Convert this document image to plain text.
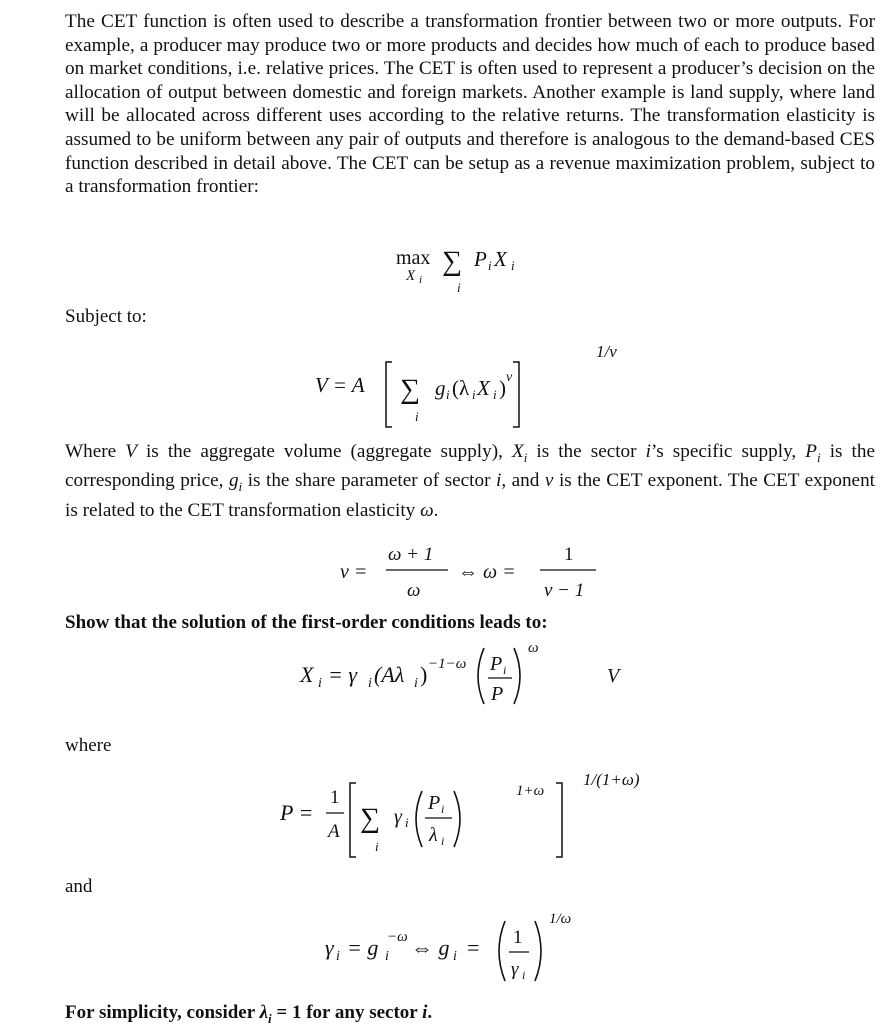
The CET function is often used to describe a transformation frontier between two or more outputs. For example, a producer may produce two or more products and decides how much of each to produce based on market conditions, i.e. relative prices. The CET is often used to represent a producer’s decision on the allocation of output between domestic and foreign markets. Another example is land supply, where land will be allocated across different uses according to the relative returns. The transformation elasticity is assumed to be uniform between any pair of outputs and therefore is analogous to the demand-based CES function described in detail above. The CET can be setup as a revenue maximization problem, subject to a transformation frontier:

max
X i
∑
i
P i X i

Subject to:

V = A ∑
i
g i (λ i X i ) v
1/v

Where V is the aggregate volume (aggregate supply), $X_i$ is the sector i’s specific supply, $P_i$ is the corresponding price, $g_i$ is the share parameter of sector i, and v is the CET exponent. The CET exponent is related to the CET transformation elasticity ω.

ν =
ω + 1
ω
⇔ ω =
1
ν − 1

Show that the solution of the first-order conditions leads to:

X i = γ i (Aλ i ) −1−ω P i
P
ω
V

where

P =
1
A ∑
i
γ i
P i
λ i
1+ω
1/(1+ω)

and

γ i = g i
−ω ⇔ g i = 1
γ i
1/ω

For simplicity, consider $\lambda_i = 1$ for any sector i.
